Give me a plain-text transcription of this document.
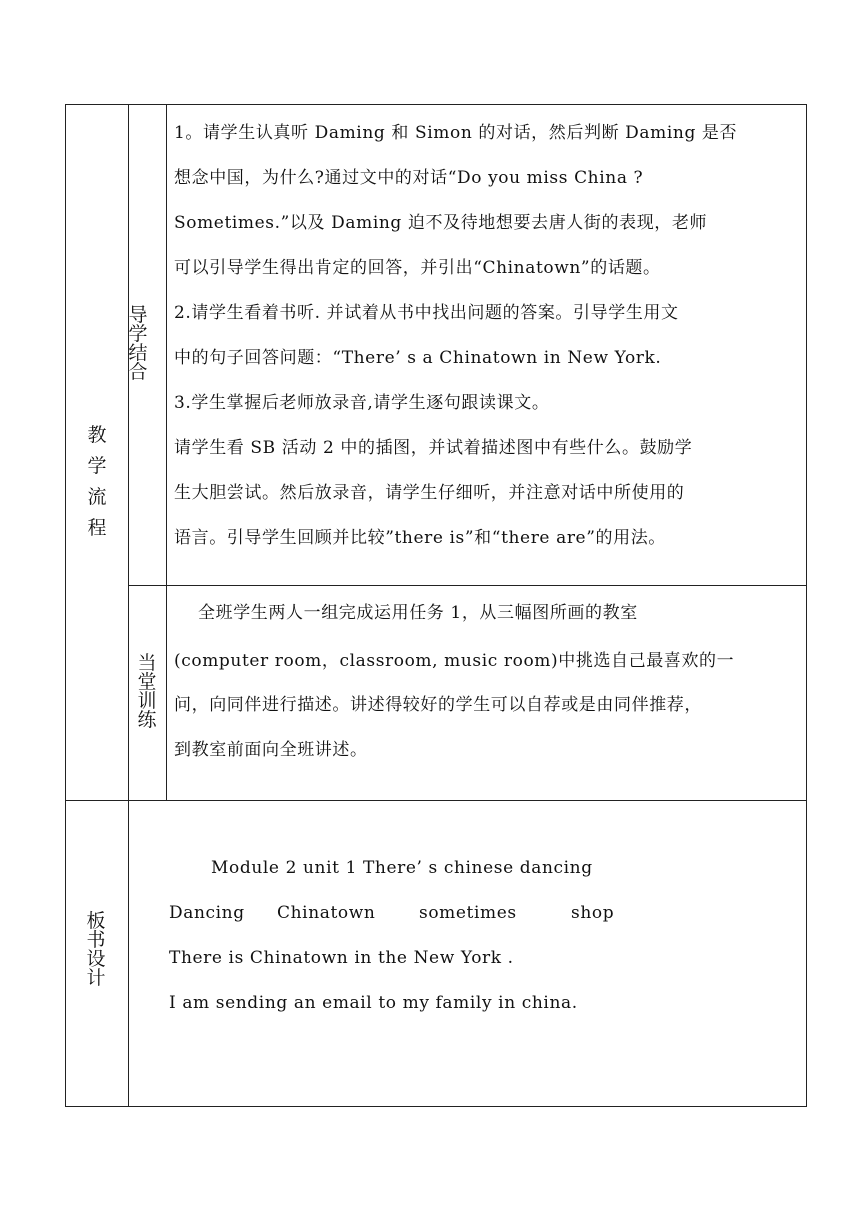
教
学
流
程
导
学
结
合
当
堂
训
练
板
书
设
计
1。请学生认真听 Daming 和 Simon 的对话，然后判断 Daming 是否
想念中国，为什么?通过文中的对话“Do you miss China ?
Sometimes.”以及 Daming 迫不及待地想要去唐人街的表现，老师
可以引导学生得出肯定的回答，并引出“Chinatown”的话题。
2.请学生看着书听. 并试着从书中找出问题的答案。引导学生用文
中的句子回答问题：“There’ s a Chinatown in New York.
3.学生掌握后老师放录音,请学生逐句跟读课文。
请学生看 SB 活动 2 中的插图，并试着描述图中有些什么。鼓励学
生大胆尝试。然后放录音，请学生仔细听，并注意对话中所使用的
语言。引导学生回顾并比较”there is”和“there are”的用法。
全班学生两人一组完成运用任务 1，从三幅图所画的教室
(computer room，classroom, music room)中挑选自己最喜欢的一
问，向同伴进行描述。讲述得较好的学生可以自荐或是由同伴推荐，
到教室前面向全班讲述。
Module 2 unit 1 There’ s chinese dancing
Dancing Chinatown	sometimes	shop
There is Chinatown in the New York .
I am sending an email to my family in china.
